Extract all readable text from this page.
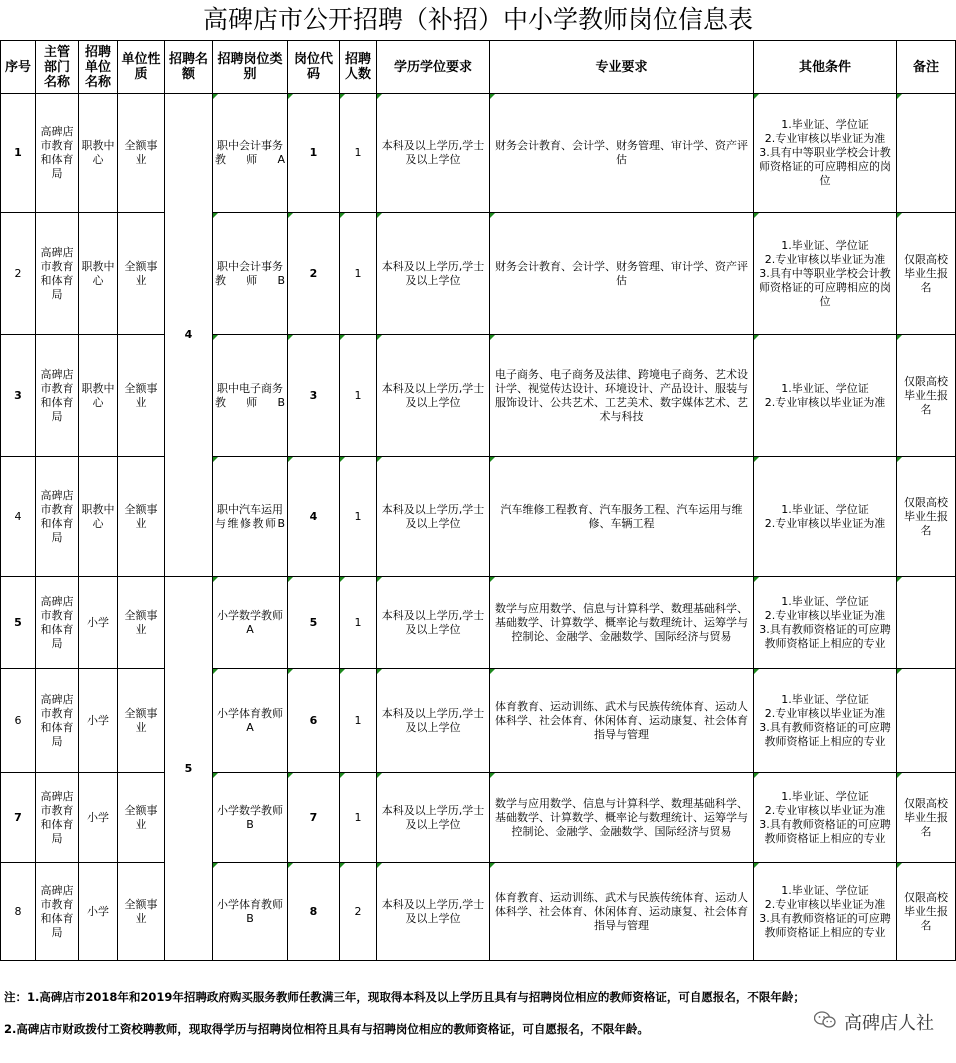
高碑店市公开招聘（补招）中小学教师岗位信息表
序号	主管部门名称	招聘单位名称	单位性质	招聘名额	招聘岗位类别	岗位代码	招聘人数	学历学位要求	专业要求	其他条件	备注
1	高碑店市教育和体育局	职教中心	全额事业	4	职中会计事务教师A	1	1	本科及以上学历,学士及以上学位	财务会计教育、会计学、财务管理、审计学、资产评估	1.毕业证、学位证
2.专业审核以毕业证为准
3.具有中等职业学校会计教师资格证的可应聘相应的岗位	
2	高碑店市教育和体育局	职教中心	全额事业		职中会计事务教师B	2	1	本科及以上学历,学士及以上学位	财务会计教育、会计学、财务管理、审计学、资产评估	1.毕业证、学位证
2.专业审核以毕业证为准
3.具有中等职业学校会计教师资格证的可应聘相应的岗位	仅限高校毕业生报名
3	高碑店市教育和体育局	职教中心	全额事业		职中电子商务教师B	3	1	本科及以上学历,学士及以上学位	电子商务、电子商务及法律、跨境电子商务、艺术设计学、视觉传达设计、环境设计、产品设计、服装与服饰设计、公共艺术、工艺美术、数字媒体艺术、艺术与科技	1.毕业证、学位证
2.专业审核以毕业证为准	仅限高校毕业生报名
4	高碑店市教育和体育局	职教中心	全额事业		职中汽车运用与维修教师B	4	1	本科及以上学历,学士及以上学位	汽车维修工程教育、汽车服务工程、汽车运用与维修、车辆工程	1.毕业证、学位证
2.专业审核以毕业证为准	仅限高校毕业生报名
5	高碑店市教育和体育局	小学	全额事业	5	小学数学教师A	5	1	本科及以上学历,学士及以上学位	数学与应用数学、信息与计算科学、数理基础科学、基础数学、计算数学、概率论与数理统计、运筹学与控制论、金融学、金融数学、国际经济与贸易	1.毕业证、学位证
2.专业审核以毕业证为准
3.具有教师资格证的可应聘教师资格证上相应的专业	
6	高碑店市教育和体育局	小学	全额事业		小学体育教师A	6	1	本科及以上学历,学士及以上学位	体育教育、运动训练、武术与民族传统体育、运动人体科学、社会体育、休闲体育、运动康复、社会体育指导与管理	1.毕业证、学位证
2.专业审核以毕业证为准
3.具有教师资格证的可应聘教师资格证上相应的专业	
7	高碑店市教育和体育局	小学	全额事业		小学数学教师B	7	1	本科及以上学历,学士及以上学位	数学与应用数学、信息与计算科学、数理基础科学、基础数学、计算数学、概率论与数理统计、运筹学与控制论、金融学、金融数学、国际经济与贸易	1.毕业证、学位证
2.专业审核以毕业证为准
3.具有教师资格证的可应聘教师资格证上相应的专业	仅限高校毕业生报名
8	高碑店市教育和体育局	小学	全额事业		小学体育教师B	8	2	本科及以上学历,学士及以上学位	体育教育、运动训练、武术与民族传统体育、运动人体科学、社会体育、休闲体育、运动康复、社会体育指导与管理	1.毕业证、学位证
2.专业审核以毕业证为准
3.具有教师资格证的可应聘教师资格证上相应的专业	仅限高校毕业生报名

注：1.高碑店市2018年和2019年招聘政府购买服务教师任教满三年，现取得本科及以上学历且具有与招聘岗位相应的教师资格证，可自愿报名，不限年龄；

2.高碑店市财政拨付工资校聘教师，现取得学历与招聘岗位相符且具有与招聘岗位相应的教师资格证，可自愿报名，不限年龄。	高碑店人社
